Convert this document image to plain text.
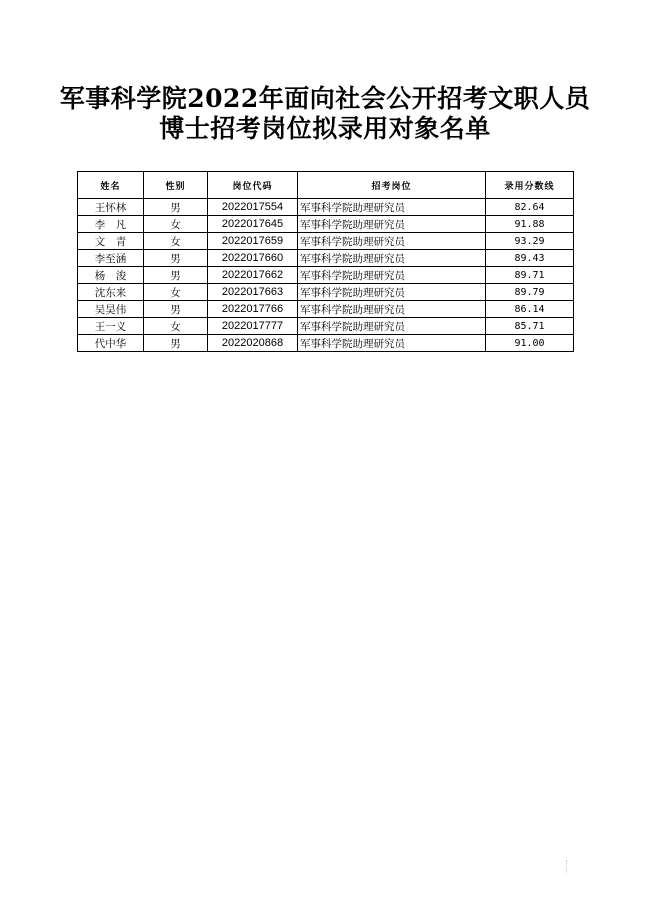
军事科学院2022年面向社会公开招考文职人员
博士招考岗位拟录用对象名单
姓名	性别	岗位代码	招考岗位	录用分数线
王怀林	男	2022017554	军事科学院助理研究员	82.64
李　凡	女	2022017645	军事科学院助理研究员	91.88
文　青	女	2022017659	军事科学院助理研究员	93.29
李至涵	男	2022017660	军事科学院助理研究员	89.43
杨　浚	男	2022017662	军事科学院助理研究员	89.71
沈东来	女	2022017663	军事科学院助理研究员	89.79
吴昊伟	男	2022017766	军事科学院助理研究员	86.14
王一义	女	2022017777	军事科学院助理研究员	85.71
代中华	男	2022020868	军事科学院助理研究员	91.00
